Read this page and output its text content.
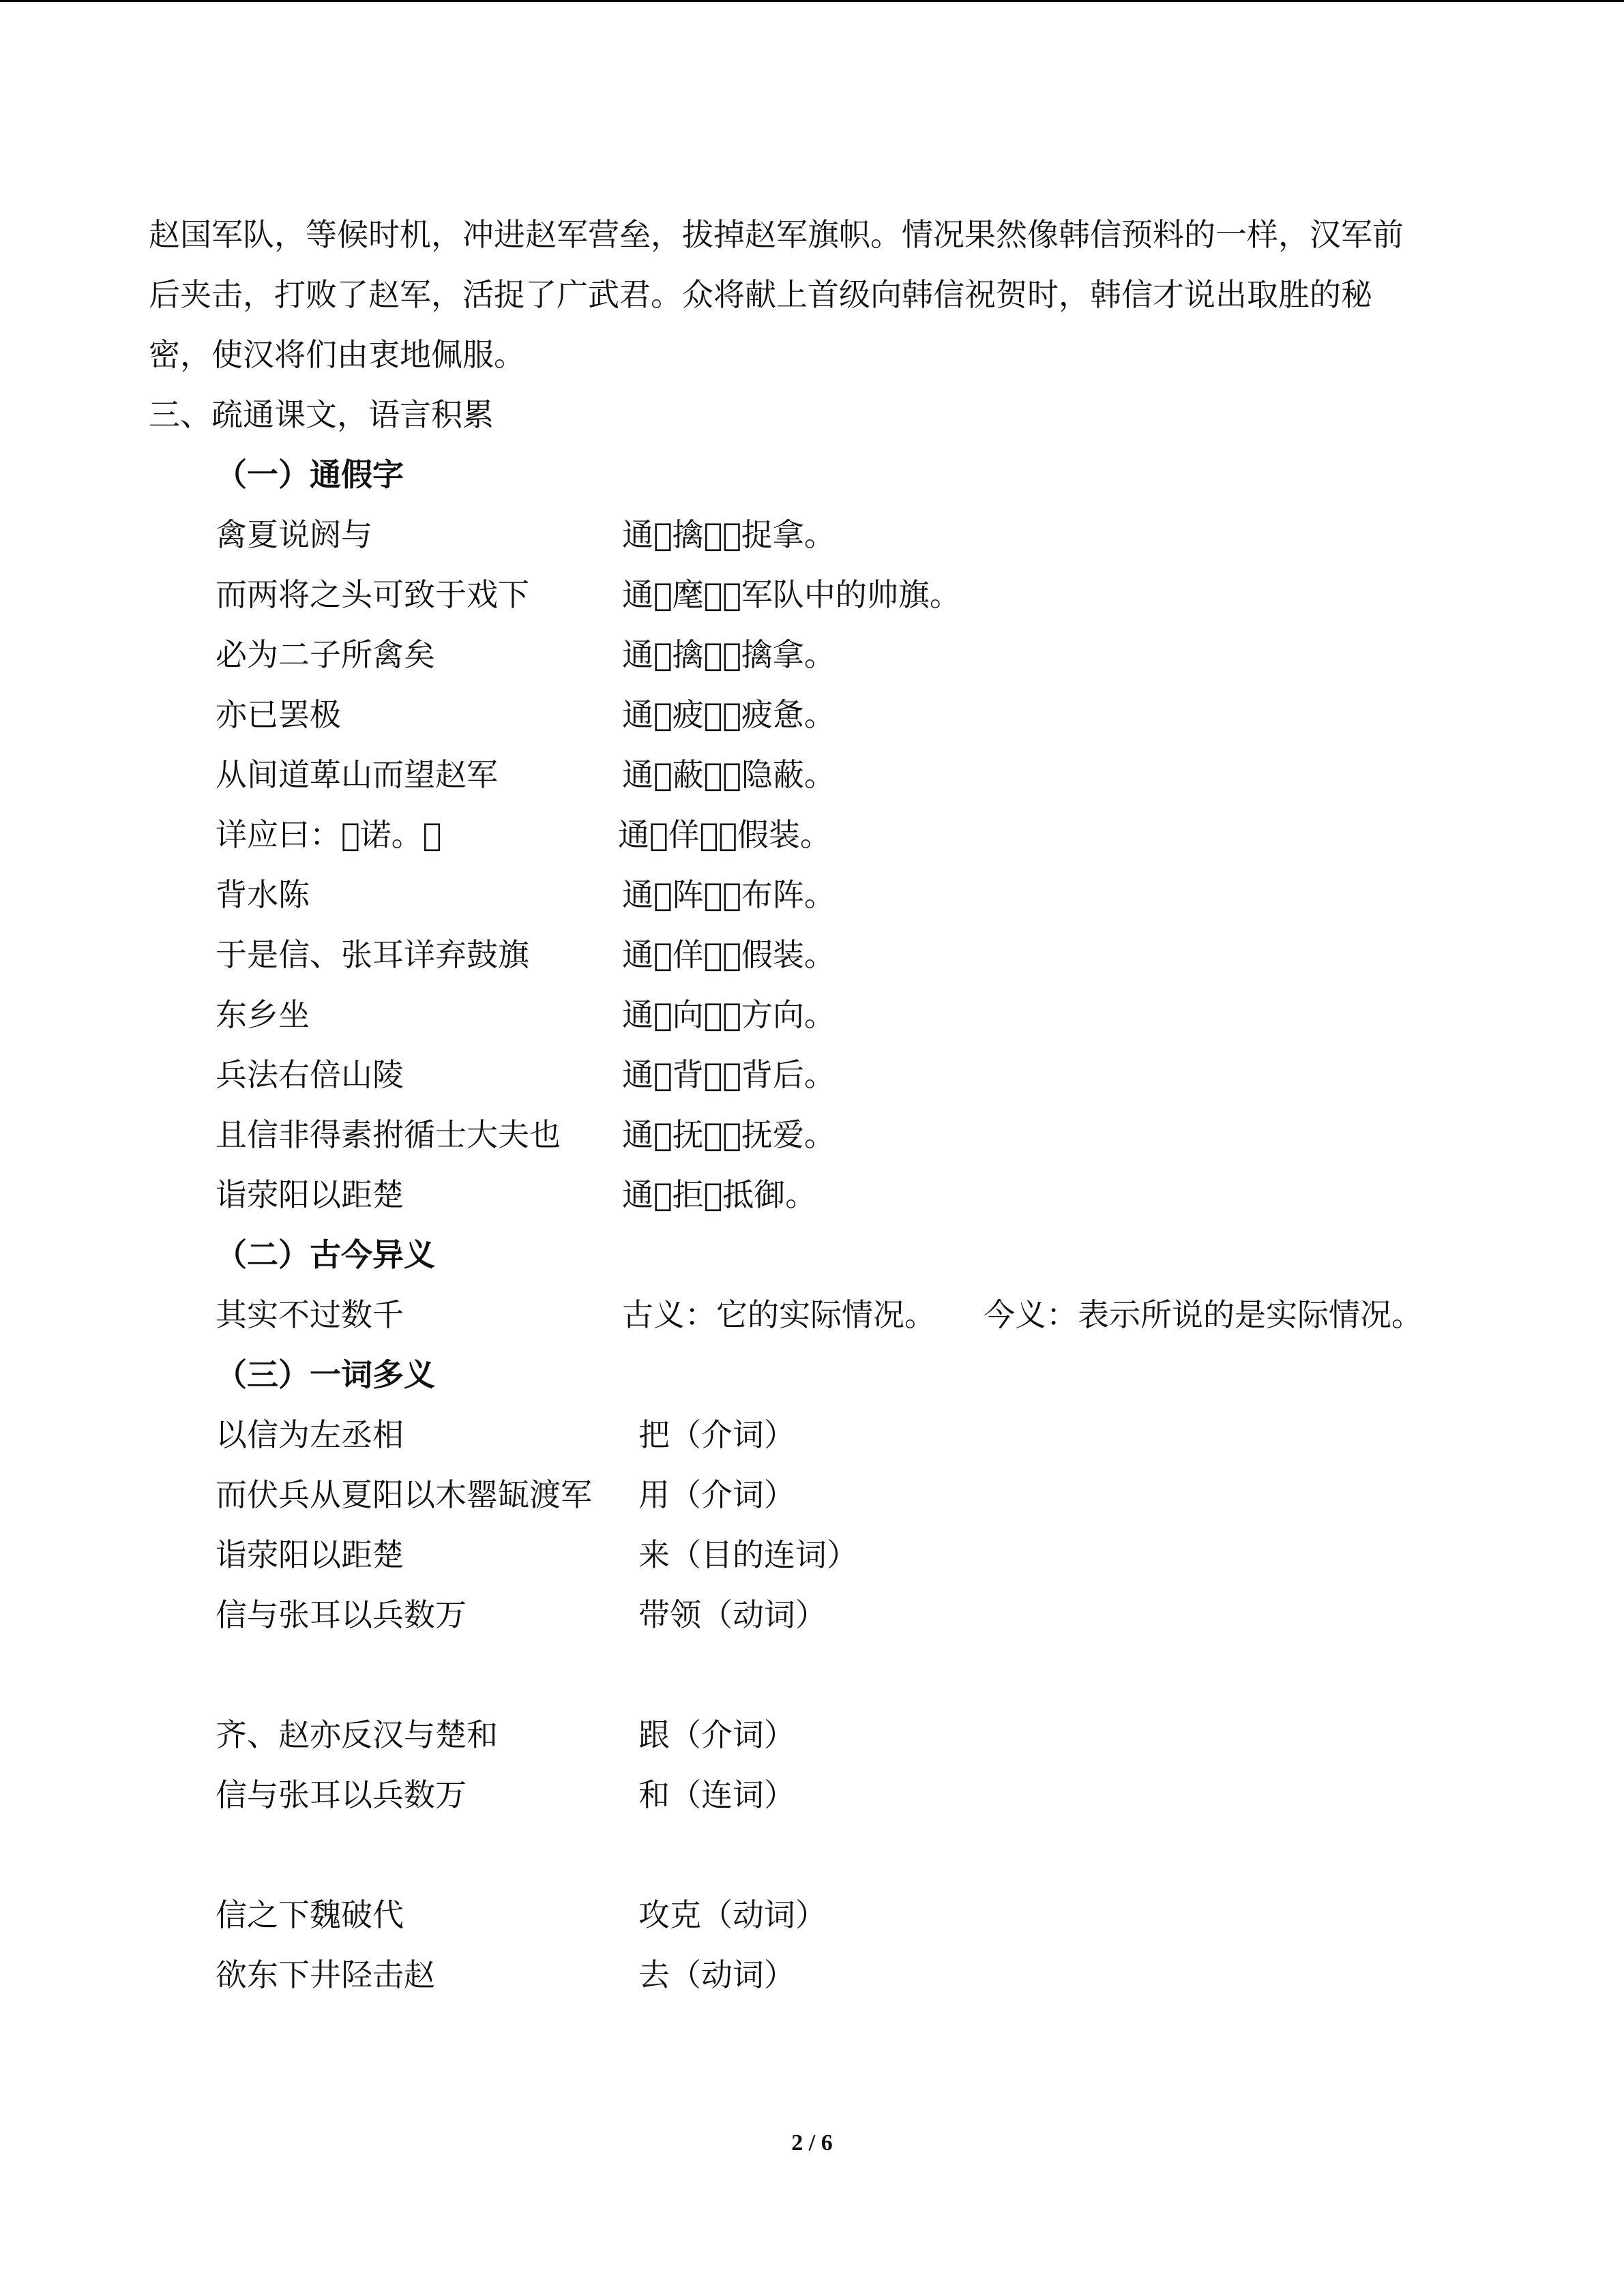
赵国军队，等候时机，冲进赵军营垒，拔掉赵军旗帜。情况果然像韩信预料的一样，汉军前
后夹击，打败了赵军，活捉了广武君。众将献上首级向韩信祝贺时，韩信才说出取胜的秘
密，使汉将们由衷地佩服。
三、疏通课文，语言积累
（一）通假字
禽夏说阏与	通􀀀擒􀀀，捉拿。
而两将之头可致于戏下	通􀀀麾􀀀，军队中的帅旗。
必为二子所禽矣	通􀀀擒􀀀，擒拿。
亦已罢极	通􀀀疲􀀀，疲惫。
从间道萆山而望赵军	通􀀀蔽􀀀，隐蔽。
详应曰：􀀀诺。􀀀	通􀀀佯􀀀，假装。
背水陈	通􀀀阵􀀀，布阵。
于是信、张耳详弃鼓旗	通􀀀佯􀀀，假装。
东乡坐	通􀀀向􀀀，方向。
兵法右倍山陵	通􀀀背􀀀，背后。
且信非得素拊循士大夫也 通􀀀抚􀀀，抚爱。
诣荥阳以距楚	通􀀀拒􀀀抵御。
（二）古今异义
其实不过数千	古义：它的实际情况。 今义：表示所说的是实际情况。
（三）一词多义
以信为左丞相	把（介词）
而伏兵从夏阳以木罂缻渡军 用（介词）
诣荥阳以距楚	来（目的连词）
信与张耳以兵数万	带领（动词）
齐、赵亦反汉与楚和	跟（介词）
信与张耳以兵数万	和（连词）
信之下魏破代	攻克（动词）
欲东下井陉击赵	去（动词）
2 / 6
